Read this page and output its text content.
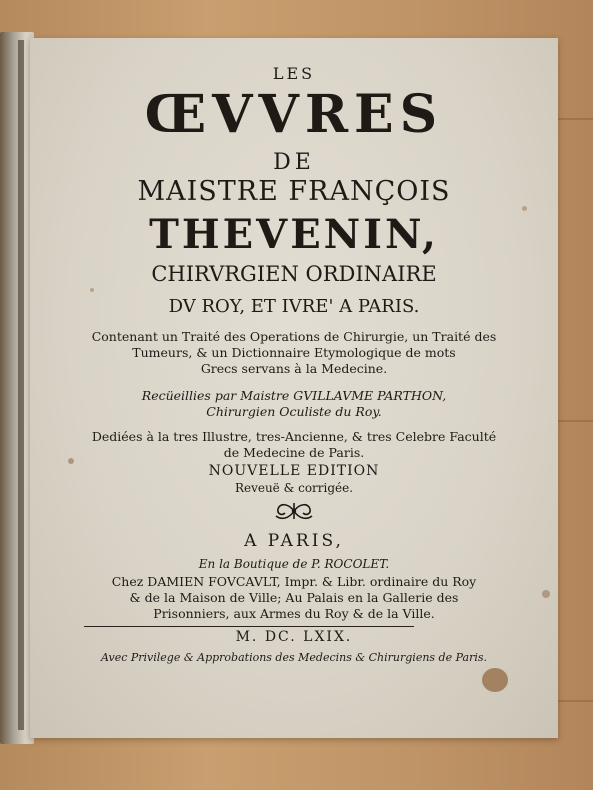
LES
ŒVVRES
DE
MAISTRE FRANÇOIS
THEVENIN,
CHIRVRGIEN ORDINAIRE
DV ROY, ET IVRE' A PARIS.
Contenant un Traité des Operations de Chirurgie, un Traité des
Tumeurs, & un Dictionnaire Etymologique de mots
Grecs servans à la Medecine.
Recüeillies par Maistre GVILLAVME PARTHON,
Chirurgien Oculiste du Roy.
Dediées à la tres Illustre, tres-Ancienne, & tres Celebre Faculté
de Medecine de Paris.
NOUVELLE EDITION
Reveuë & corrigée.
A PARIS,
En la Boutique de P. ROCOLET.
Chez DAMIEN FOVCAVLT, Impr. & Libr. ordinaire du Roy
& de la Maison de Ville; Au Palais en la Gallerie des
Prisonniers, aux Armes du Roy & de la Ville.
M. DC. LXIX.
Avec Privilege & Approbations des Medecins & Chirurgiens de Paris.
